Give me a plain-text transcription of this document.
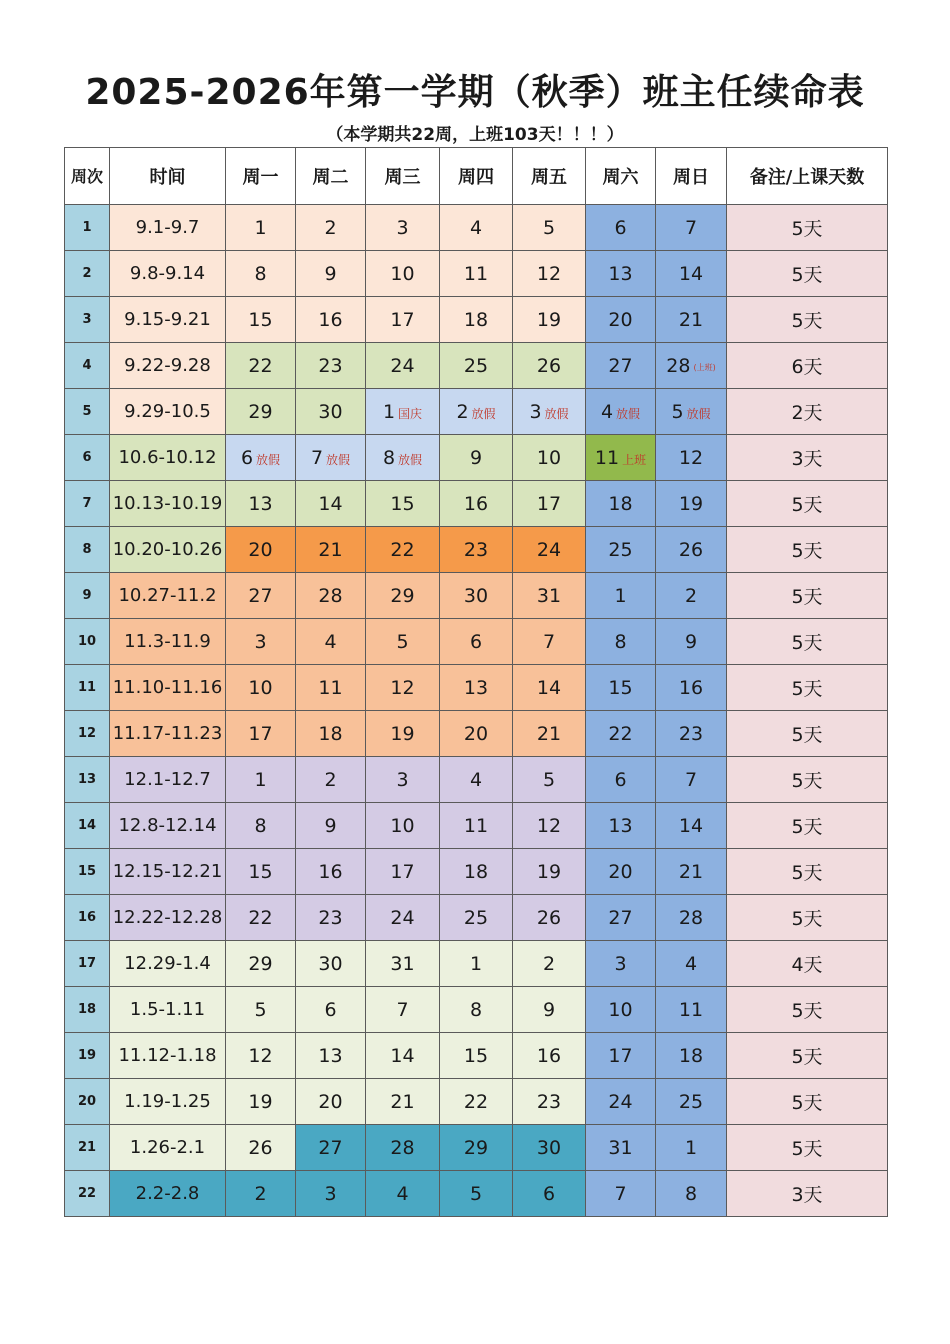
2025-2026年第一学期（秋季）班主任续命表
（本学期共22周，上班103天！！！）
周次	时间	周一	周二	周三	周四	周五	周六	周日	备注/上课天数
1	9.1-9.7	1	2	3	4	5	6	7	5天
2	9.8-9.14	8	9	10	11	12	13	14	5天
3	9.15-9.21	15	16	17	18	19	20	21	5天
4	9.22-9.28	22	23	24	25	26	27	28 (上班)	6天
5	9.29-10.5	29	30	1 国庆	2 放假	3 放假	4 放假	5 放假	2天
6	10.6-10.12	6 放假	7 放假	8 放假	9	10	11 上班	12	3天
7	10.13-10.19	13	14	15	16	17	18	19	5天
8	10.20-10.26	20	21	22	23	24	25	26	5天
9	10.27-11.2	27	28	29	30	31	1	2	5天
10	11.3-11.9	3	4	5	6	7	8	9	5天
11	11.10-11.16	10	11	12	13	14	15	16	5天
12	11.17-11.23	17	18	19	20	21	22	23	5天
13	12.1-12.7	1	2	3	4	5	6	7	5天
14	12.8-12.14	8	9	10	11	12	13	14	5天
15	12.15-12.21	15	16	17	18	19	20	21	5天
16	12.22-12.28	22	23	24	25	26	27	28	5天
17	12.29-1.4	29	30	31	1	2	3	4	4天
18	1.5-1.11	5	6	7	8	9	10	11	5天
19	11.12-1.18	12	13	14	15	16	17	18	5天
20	1.19-1.25	19	20	21	22	23	24	25	5天
21	1.26-2.1	26	27	28	29	30	31	1	5天
22	2.2-2.8	2	3	4	5	6	7	8	3天
